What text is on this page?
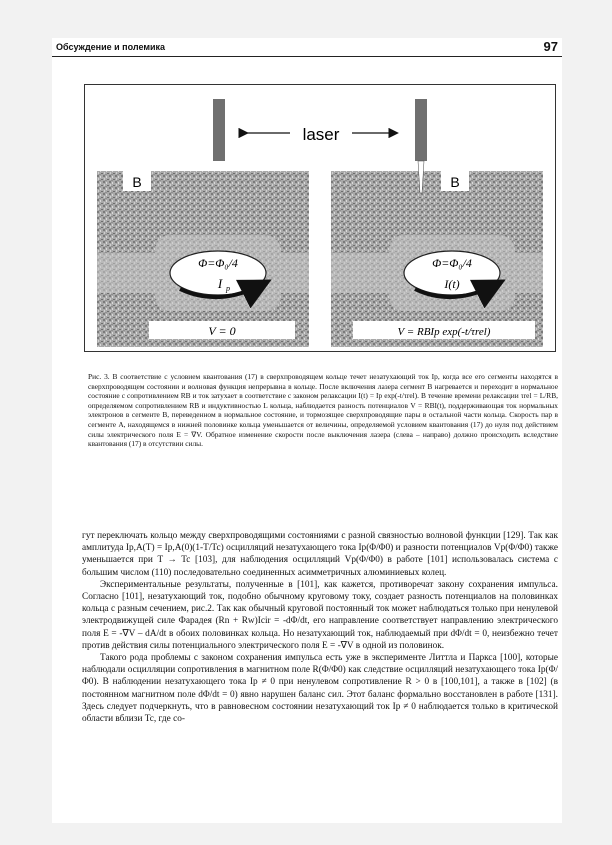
Обсуждение и полемика	97
laser
B
Φ=Φ₀/4
I p
V = 0
B
Φ=Φ₀/4
I(t)
V = RBIp exp(-t/τrel)
Рис. 3. В соответствие с условием квантования (17) в сверхпроводящем кольце течет незатухающий ток Ip, когда все его сегменты находятся в сверхпроводящем состоянии и волновая функция непрерывна в кольце. После включения лазера сегмент B нагревается и переходит в нормальное состояние с сопротивлением RB и ток затухает в соответствие с законом релаксации I(t) = Ip exp(-t/τrel). В течение времени релаксации τrel = L/RB, определяемом сопротивлением RB и индуктивностью L кольца, наблюдается разность потенциалов V = RBI(t), поддерживающая ток нормальных электронов в сегменте B, переведенном в нормальное состояние, и тормозящее сверхпроводящие пары в остальной части кольца. Скорость пар в сегменте A, находящемся в нижней половинке кольца уменьшается от величины, определяемой условием квантования (17) до нуля под действием силы электрического поля E = ∇V. Обратное изменение скорости после выключения лазера (слева – направо) должно происходить вследствие квантования (17) в отсутствии силы.

гут переключать кольцо между сверхпроводящими состояниями с разной связностью волновой функции [129]. Так как амплитуда Ip,A(T) = Ip,A(0)(1-T/Tc) осцилляций незатухающего тока Ip(Φ/Φ0) и разности потенциалов Vp(Φ/Φ0) также уменьшается при T → Tc [103], для наблюдения осцилляций Vp(Φ/Φ0) в работе [101] использовалась система с большим числом (110) последовательно соединенных асимметричных алюминиевых колец.

Экспериментальные результаты, полученные в [101], как кажется, противоречат закону сохранения импульса. Согласно [101], незатухающий ток, подобно обычному круговому току, создает разность потенциалов на половинках кольца с разным сечением, рис.2. Так как обычный круговой постоянный ток может наблюдаться только при ненулевой электродвижущей силе Фарадея (Rn + Rw)Icir = -dΦ/dt, его направление соответствует направлению электрического поля E = -∇V – dA/dt в обоих половинках кольца. Но незатухающий ток, наблюдаемый при dΦ/dt = 0, неизбежно течет против действия силы потенциального электрического поля E = -∇V в одной из половинок.

Такого рода проблемы с законом сохранения импульса есть уже в эксперименте Литтла и Паркса [100], которые наблюдали осцилляции сопротивления в магнитном поле R(Φ/Φ0) как следствие осцилляций незатухающего тока Ip(Φ/Φ0). В наблюдении незатухающего тока Ip ≠ 0 при ненулевом сопротивление R > 0 в [100,101], а также в [102] (в постоянном магнитном поле dΦ/dt = 0) явно нарушен баланс сил. Этот баланс формально восстановлен в работе [131]. Здесь следует подчеркнуть, что в равновесном состоянии незатухающий ток Ip ≠ 0 наблюдается только в критической области вблизи Tc, где со-
